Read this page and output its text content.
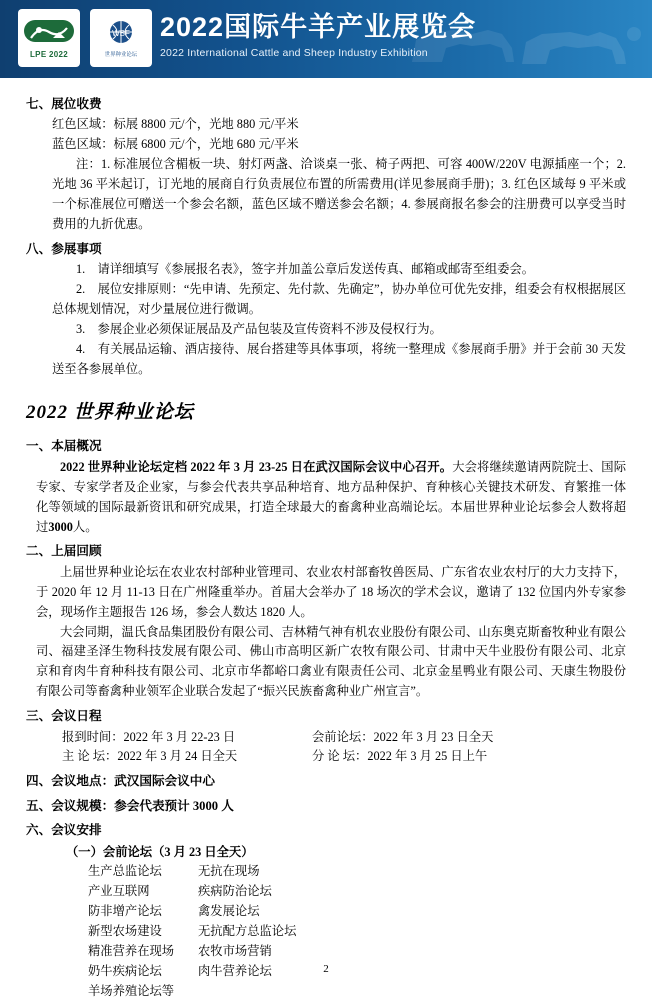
LPE 2022
WBF
世界种业论坛
2022国际牛羊产业展览会
2022 International Cattle and Sheep Industry Exhibition
七、展位收费
红色区域：标展 8800 元/个，光地 880 元/平米
蓝色区域：标展 6800 元/个，光地 680 元/平米
注：1. 标准展位含楣板一块、射灯两盏、洽谈桌一张、椅子两把、可容 400W/220V 电源插座一个；2. 光地 36 平米起订，订光地的展商自行负责展位布置的所需费用(详见参展商手册)；3. 红色区域每 9 平米或一个标准展位可赠送一个参会名额，蓝色区域不赠送参会名额；4. 参展商报名参会的注册费可以享受当时费用的九折优惠。
八、参展事项
1.　请详细填写《参展报名表》，签字并加盖公章后发送传真、邮箱或邮寄至组委会。
2.　展位安排原则：“先申请、先预定、先付款、先确定”，协办单位可优先安排，组委会有权根据展区总体规划情况，对少量展位进行微调。
3.　参展企业必须保证展品及产品包装及宣传资料不涉及侵权行为。
4.　有关展品运输、酒店接待、展台搭建等具体事项，将统一整理成《参展商手册》并于会前 30 天发送至各参展单位。
2022 世界种业论坛
一、本届概况
2022 世界种业论坛定档 2022 年 3 月 23-25 日在武汉国际会议中心召开。大会将继续邀请两院院士、国际专家、专家学者及企业家，与参会代表共享品种培育、地方品种保护、育种核心关键技术研发、育繁推一体化等领域的国际最新资讯和研究成果，打造全球最大的畜禽种业高端论坛。本届世界种业论坛参会人数将超过3000人。
二、上届回顾
上届世界种业论坛在农业农村部种业管理司、农业农村部畜牧兽医局、广东省农业农村厅的大力支持下，于 2020 年 12 月 11-13 日在广州隆重举办。首届大会举办了 18 场次的学术会议，邀请了 132 位国内外专家参会，现场作主题报告 126 场，参会人数达 1820 人。
大会同期，温氏食品集团股份有限公司、吉林精气神有机农业股份有限公司、山东奥克斯畜牧种业有限公司、福建圣泽生物科技发展有限公司、佛山市高明区新广农牧有限公司、甘肃中天牛业股份有限公司、北京京和育肉牛育种科技有限公司、北京市华都峪口禽业有限责任公司、北京金星鸭业有限公司、天康生物股份有限公司等畜禽种业领军企业联合发起了“振兴民族畜禽种业广州宣言”。
三、会议日程
报到时间：2022 年 3 月 22-23 日	会前论坛：2022 年 3 月 23 日全天
主 论 坛：2022 年 3 月 24 日全天	分 论 坛：2022 年 3 月 25 日上午
四、会议地点：武汉国际会议中心
五、会议规模：参会代表预计 3000 人
六、会议安排
（一）会前论坛（3 月 23 日全天）
生产总监论坛	无抗在现场
产业互联网	疾病防治论坛
防非增产论坛	禽发展论坛
新型农场建设	无抗配方总监论坛
精准营养在现场	农牧市场营销
奶牛疾病论坛	肉牛营养论坛
羊场养殖论坛等
2
